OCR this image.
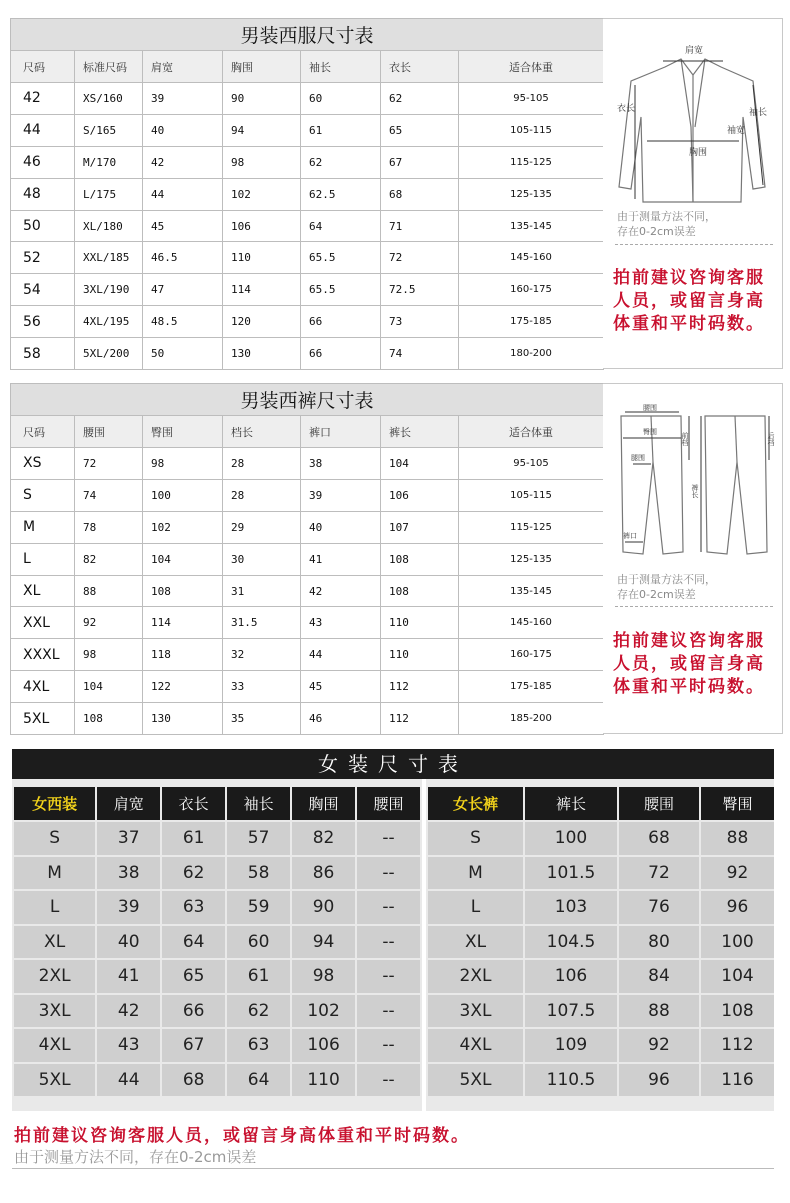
男装西服尺寸表						
尺码	标准尺码	肩宽	胸围	袖长	衣长	适合体重
42	XS/160	39	90	60	62	95-105
44	S/165	40	94	61	65	105-115
46	M/170	42	98	62	67	115-125
48	L/175	44	102	62.5	68	125-135
50	XL/180	45	106	64	71	135-145
52	XXL/185	46.5	110	65.5	72	145-160
54	3XL/190	47	114	65.5	72.5	160-175
56	4XL/195	48.5	120	66	73	175-185
58	5XL/200	50	130	66	74	180-200
肩宽
衣长	袖长
袖宽
胸围
由于测量方法不同，
存在0-2cm误差
拍前建议咨询客服人员，或留言身高体重和平时码数。
男装西裤尺寸表						
尺码	腰围	臀围	档长	裤口	裤长	适合体重
XS	72	98	28	38	104	95-105
S	74	100	28	39	106	105-115
M	78	102	29	40	107	115-125
L	82	104	30	41	108	125-135
XL	88	108	31	42	108	135-145
XXL	92	114	31.5	43	110	145-160
XXXL	98	118	32	44	110	160-175
4XL	104	122	33	45	112	175-185
5XL	108	130	35	46	112	185-200
腰围
臀围
腿围
前档
裤长
后档
裤口
由于测量方法不同，
存在0-2cm误差
拍前建议咨询客服人员，或留言身高体重和平时码数。
女装尺寸表
女西装	肩宽	衣长	袖长	胸围	腰围
S	37	61	57	82	--
M	38	62	58	86	--
L	39	63	59	90	--
XL	40	64	60	94	--
2XL	41	65	61	98	--
3XL	42	66	62	102	--
4XL	43	67	63	106	--
5XL	44	68	64	110	--
女长裤	裤长	腰围	臀围
S	100	68	88
M	101.5	72	92
L	103	76	96
XL	104.5	80	100
2XL	106	84	104
3XL	107.5	88	108
4XL	109	92	112
5XL	110.5	96	116
拍前建议咨询客服人员，或留言身高体重和平时码数。
由于测量方法不同，存在0-2cm误差
